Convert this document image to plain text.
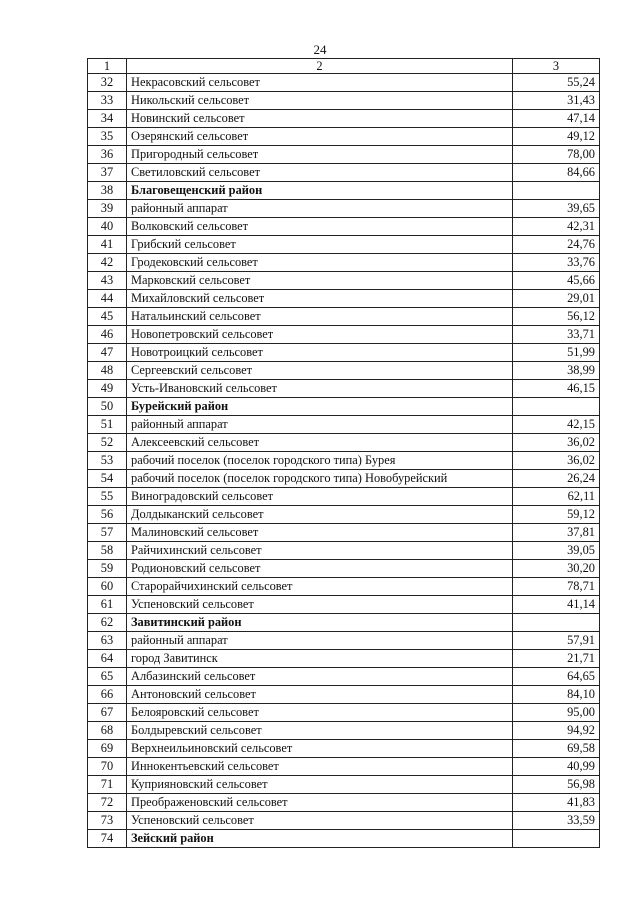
24
1	2	3
32	Некрасовский сельсовет	55,24
33	Никольский сельсовет	31,43
34	Новинский сельсовет	47,14
35	Озерянский сельсовет	49,12
36	Пригородный сельсовет	78,00
37	Светиловский сельсовет	84,66
38	Благовещенский район	
39	районный аппарат	39,65
40	Волковский сельсовет	42,31
41	Грибский сельсовет	24,76
42	Гродековский сельсовет	33,76
43	Марковский сельсовет	45,66
44	Михайловский сельсовет	29,01
45	Натальинский сельсовет	56,12
46	Новопетровский сельсовет	33,71
47	Новотроицкий сельсовет	51,99
48	Сергеевский сельсовет	38,99
49	Усть-Ивановский сельсовет	46,15
50	Бурейский район	
51	районный аппарат	42,15
52	Алексеевский сельсовет	36,02
53	рабочий поселок (поселок городского типа) Бурея	36,02
54	рабочий поселок (поселок городского типа) Новобурейский	26,24
55	Виноградовский сельсовет	62,11
56	Долдыканский сельсовет	59,12
57	Малиновский сельсовет	37,81
58	Райчихинский сельсовет	39,05
59	Родионовский сельсовет	30,20
60	Старорайчихинский сельсовет	78,71
61	Успеновский сельсовет	41,14
62	Завитинский район	
63	районный аппарат	57,91
64	город Завитинск	21,71
65	Албазинский сельсовет	64,65
66	Антоновский сельсовет	84,10
67	Белояровский сельсовет	95,00
68	Болдыревский сельсовет	94,92
69	Верхнеильиновский сельсовет	69,58
70	Иннокентьевский сельсовет	40,99
71	Куприяновский сельсовет	56,98
72	Преображеновский сельсовет	41,83
73	Успеновский сельсовет	33,59
74	Зейский район	
